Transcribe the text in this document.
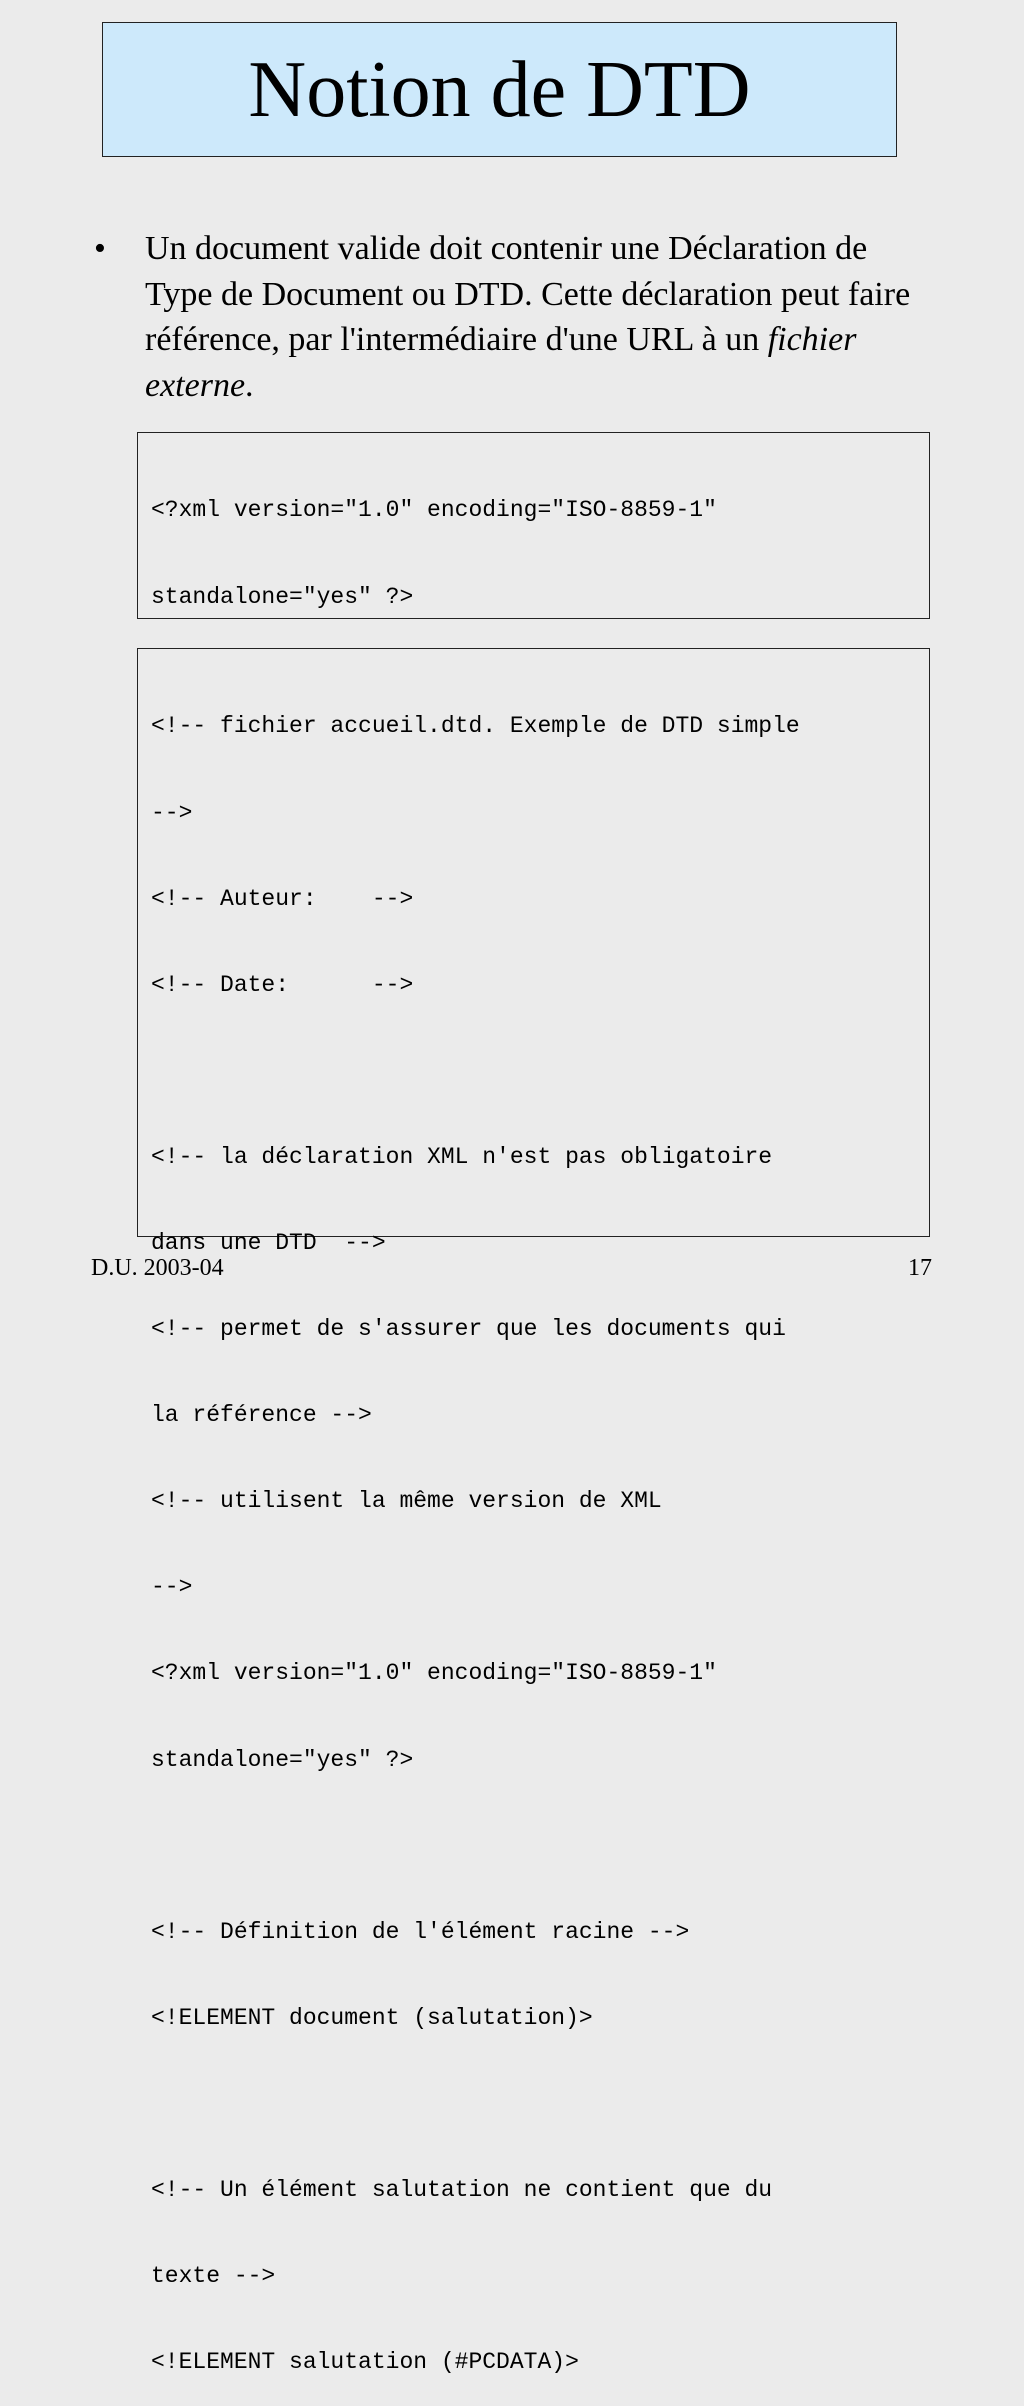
Notion de DTD
• Un document valide doit contenir une Déclaration de Type de Document ou DTD. Cette déclaration peut faire référence, par l'intermédiaire d'une URL à un fichier externe.

<?xml version="1.0" encoding="ISO-8859-1"

standalone="yes" ?>

<!-- fichier accueil.dtd. Exemple de DTD simple

-->

<!-- Auteur:    -->

<!-- Date:      -->

<!-- la déclaration XML n'est pas obligatoire

dans une DTD  -->

<!-- permet de s'assurer que les documents qui

la référence -->

<!-- utilisent la même version de XML

-->

<?xml version="1.0" encoding="ISO-8859-1"

standalone="yes" ?>

<!-- Définition de l'élément racine -->

<!ELEMENT document (salutation)>

<!-- Un élément salutation ne contient que du

texte -->

<!ELEMENT salutation (#PCDATA)>

D.U. 2003-04	17
